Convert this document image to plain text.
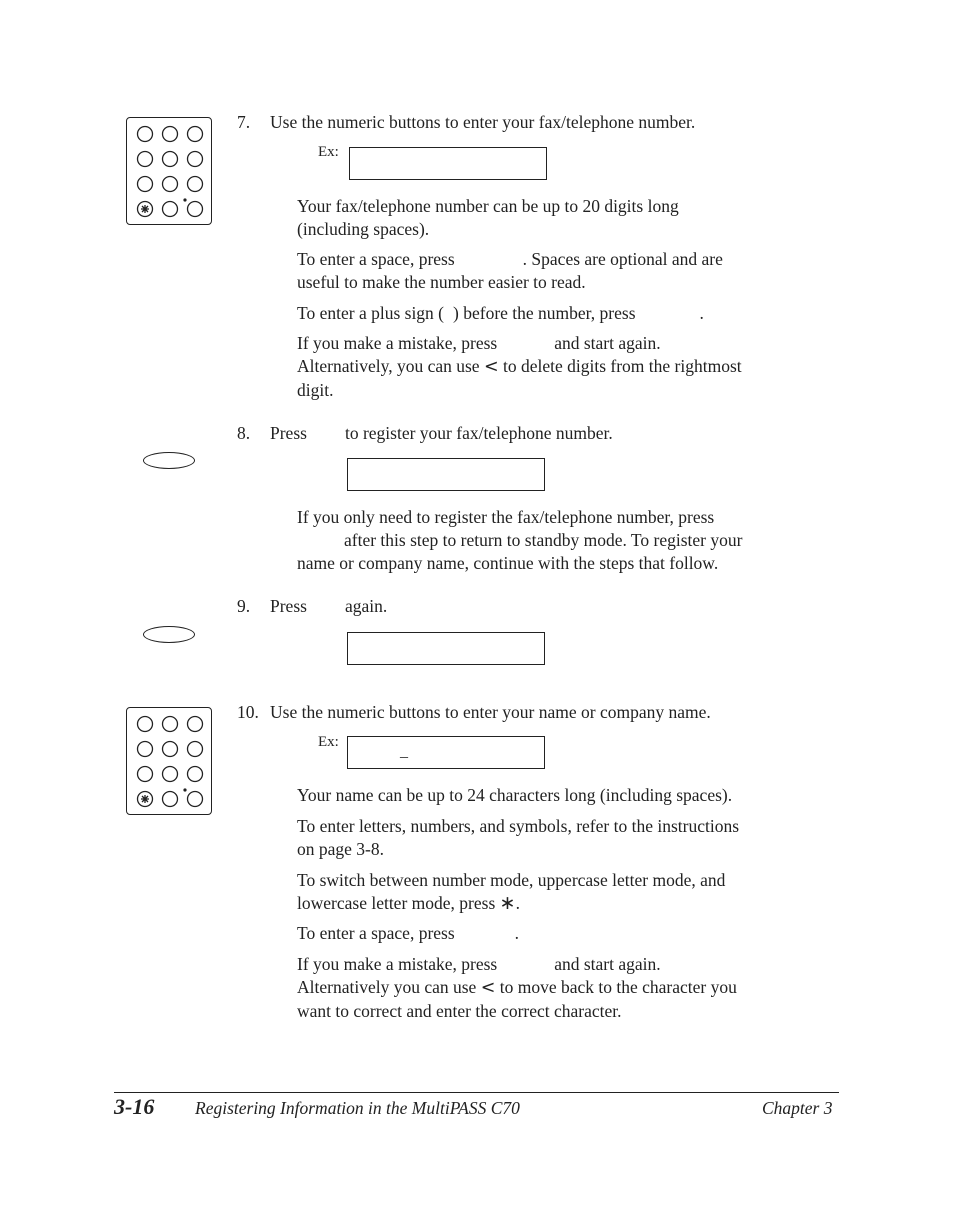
7. Use the numeric buttons to enter your fax/telephone number.
Ex:
Your fax/telephone number can be up to 20 digits long
(including spaces).
To enter a space, press	. Spaces are optional and are
useful to make the number easier to read.
To enter a plus sign ( ) before the number, press	.
If you make a mistake, press	and start again.
Alternatively, you can use < to delete digits from the rightmost
digit.
8. Press to register your fax/telephone number.
If you only need to register the fax/telephone number, press
after this step to return to standby mode. To register your
name or company name, continue with the steps that follow.
9. Press again.
10. Use the numeric buttons to enter your name or company name.
Ex:
_
Your name can be up to 24 characters long (including spaces).
To enter letters, numbers, and symbols, refer to the instructions
on page 3-8.
To switch between number mode, uppercase letter mode, and
lowercase letter mode, press ∗.
To enter a space, press	.
If you make a mistake, press	and start again.
Alternatively you can use < to move back to the character you
want to correct and enter the correct character.
3-16 Registering Information in the MultiPASS C70	Chapter 3
